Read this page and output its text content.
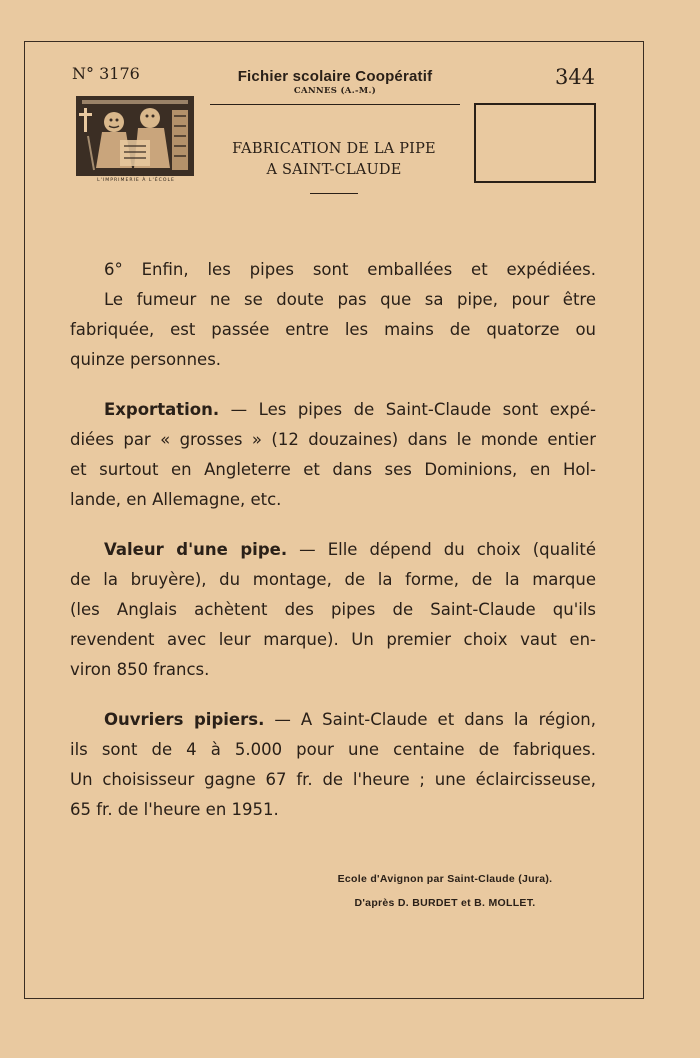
N° 3176	Fichier scolaire Coopératif
CANNES (A.-M.)
344
L'IMPRIMERIE À L'ÉCOLE
FABRICATION DE LA PIPE
A SAINT-CLAUDE
6° Enfin, les pipes sont emballées et expédiées.
Le fumeur ne se doute pas que sa pipe, pour être
fabriquée, est passée entre les mains de quatorze ou
quinze personnes.
Exportation. — Les pipes de Saint-Claude sont expé-
diées par « grosses » (12 douzaines) dans le monde entier
et surtout en Angleterre et dans ses Dominions, en Hol-
lande, en Allemagne, etc.
Valeur d'une pipe. — Elle dépend du choix (qualité
de la bruyère), du montage, de la forme, de la marque
(les Anglais achètent des pipes de Saint-Claude qu'ils
revendent avec leur marque). Un premier choix vaut en-
viron 850 francs.
Ouvriers pipiers. — A Saint-Claude et dans la région,
ils sont de 4 à 5.000 pour une centaine de fabriques.
Un choisisseur gagne 67 fr. de l'heure ; une éclaircisseuse,
65 fr. de l'heure en 1951.
Ecole d'Avignon par Saint-Claude (Jura).
D'après D. BURDET et B. MOLLET.
